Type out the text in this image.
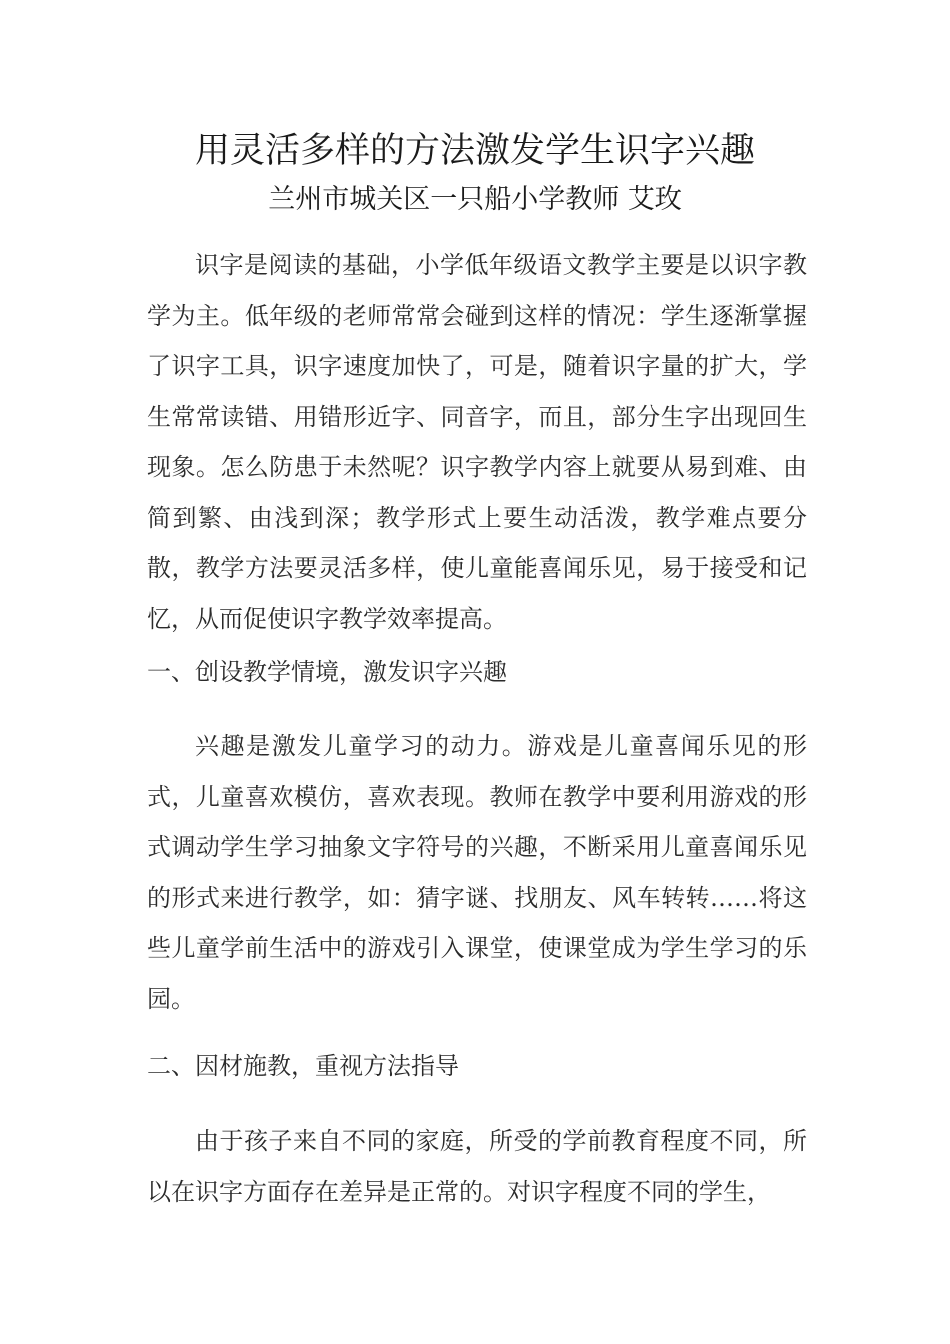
用灵活多样的方法激发学生识字兴趣
兰州市城关区一只船小学教师 艾玫

识字是阅读的基础，小学低年级语文教学主要是以识字教学为主。低年级的老师常常会碰到这样的情况：学生逐渐掌握了识字工具，识字速度加快了，可是，随着识字量的扩大，学生常常读错、用错形近字、同音字，而且，部分生字出现回生现象。怎么防患于未然呢？识字教学内容上就要从易到难、由简到繁、由浅到深；教学形式上要生动活泼，教学难点要分散，教学方法要灵活多样，使儿童能喜闻乐见，易于接受和记忆，从而促使识字教学效率提高。

一、创设教学情境，激发识字兴趣

兴趣是激发儿童学习的动力。游戏是儿童喜闻乐见的形式，儿童喜欢模仿，喜欢表现。教师在教学中要利用游戏的形式调动学生学习抽象文字符号的兴趣，不断采用儿童喜闻乐见的形式来进行教学，如：猜字谜、找朋友、风车转转……将这些儿童学前生活中的游戏引入课堂，使课堂成为学生学习的乐园。

二、因材施教，重视方法指导

由于孩子来自不同的家庭，所受的学前教育程度不同，所以在识字方面存在差异是正常的。对识字程度不同的学生，
